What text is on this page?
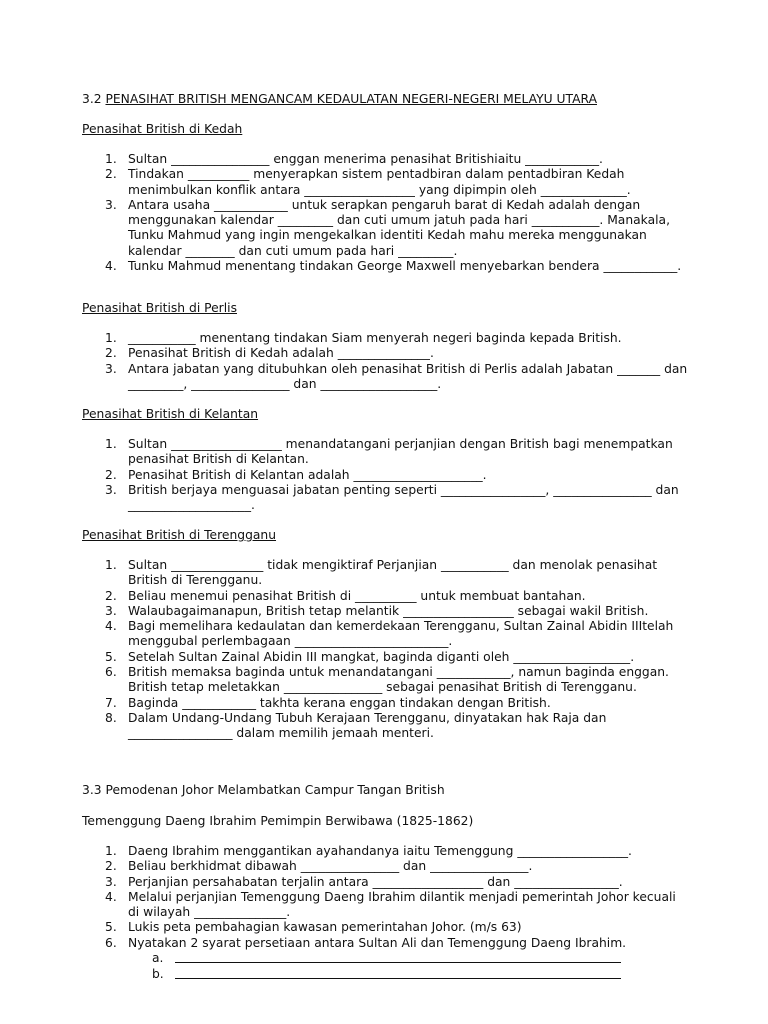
3.2 PENASIHAT BRITISH MENGANCAM KEDAULATAN NEGERI-NEGERI MELAYU UTARA
Penasihat British di Kedah
1. Sultan ________________ enggan menerima penasihat Britishiaitu ____________.
2. Tindakan __________ menyerapkan sistem pentadbiran dalam pentadbiran Kedah menimbulkan konflik antara __________________ yang dipimpin oleh ______________.
3. Antara usaha ____________ untuk serapkan pengaruh barat di Kedah adalah dengan menggunakan kalendar _________ dan cuti umum jatuh pada hari ___________. Manakala, Tunku Mahmud yang ingin mengekalkan identiti Kedah mahu mereka menggunakan kalendar ________ dan cuti umum pada hari _________.
4. Tunku Mahmud menentang tindakan George Maxwell menyebarkan bendera ____________.
Penasihat British di Perlis
1. ___________ menentang tindakan Siam menyerah negeri baginda kepada British.
2. Penasihat British di Kedah adalah _______________.
3. Antara jabatan yang ditubuhkan oleh penasihat British di Perlis adalah Jabatan _______ dan _________, ________________ dan ___________________.
Penasihat British di Kelantan
1. Sultan __________________ menandatangani perjanjian dengan British bagi menempatkan penasihat British di Kelantan.
2. Penasihat British di Kelantan adalah _____________________.
3. British berjaya menguasai jabatan penting seperti _________________, ________________ dan ____________________.
Penasihat British di Terengganu
1. Sultan _______________ tidak mengiktiraf Perjanjian ___________ dan menolak penasihat British di Terengganu.
2. Beliau menemui penasihat British di __________ untuk membuat bantahan.
3. Walaubagaimanapun, British tetap melantik __________________ sebagai wakil British.
4. Bagi memelihara kedaulatan dan kemerdekaan Terengganu, Sultan Zainal Abidin IIItelah menggubal perlembagaan _________________________.
5. Setelah Sultan Zainal Abidin III mangkat, baginda diganti oleh ___________________.
6. British memaksa baginda untuk menandatangani ____________, namun baginda enggan. British tetap meletakkan ________________ sebagai penasihat British di Terengganu.
7. Baginda ____________ takhta kerana enggan tindakan dengan British.
8. Dalam Undang-Undang Tubuh Kerajaan Terengganu, dinyatakan hak Raja dan _________________ dalam memilih jemaah menteri.
3.3 Pemodenan Johor Melambatkan Campur Tangan British
Temenggung Daeng Ibrahim Pemimpin Berwibawa (1825-1862)
1. Daeng Ibrahim menggantikan ayahandanya iaitu Temenggung __________________.
2. Beliau berkhidmat dibawah ________________ dan ________________.
3. Perjanjian persahabatan terjalin antara __________________ dan _________________.
4. Melalui perjanjian Temenggung Daeng Ibrahim dilantik menjadi pemerintah Johor kecuali di wilayah _______________.
5. Lukis peta pembahagian kawasan pemerintahan Johor. (m/s 63)
6. Nyatakan 2 syarat persetiaan antara Sultan Ali dan Temenggung Daeng Ibrahim.
a.
b.
